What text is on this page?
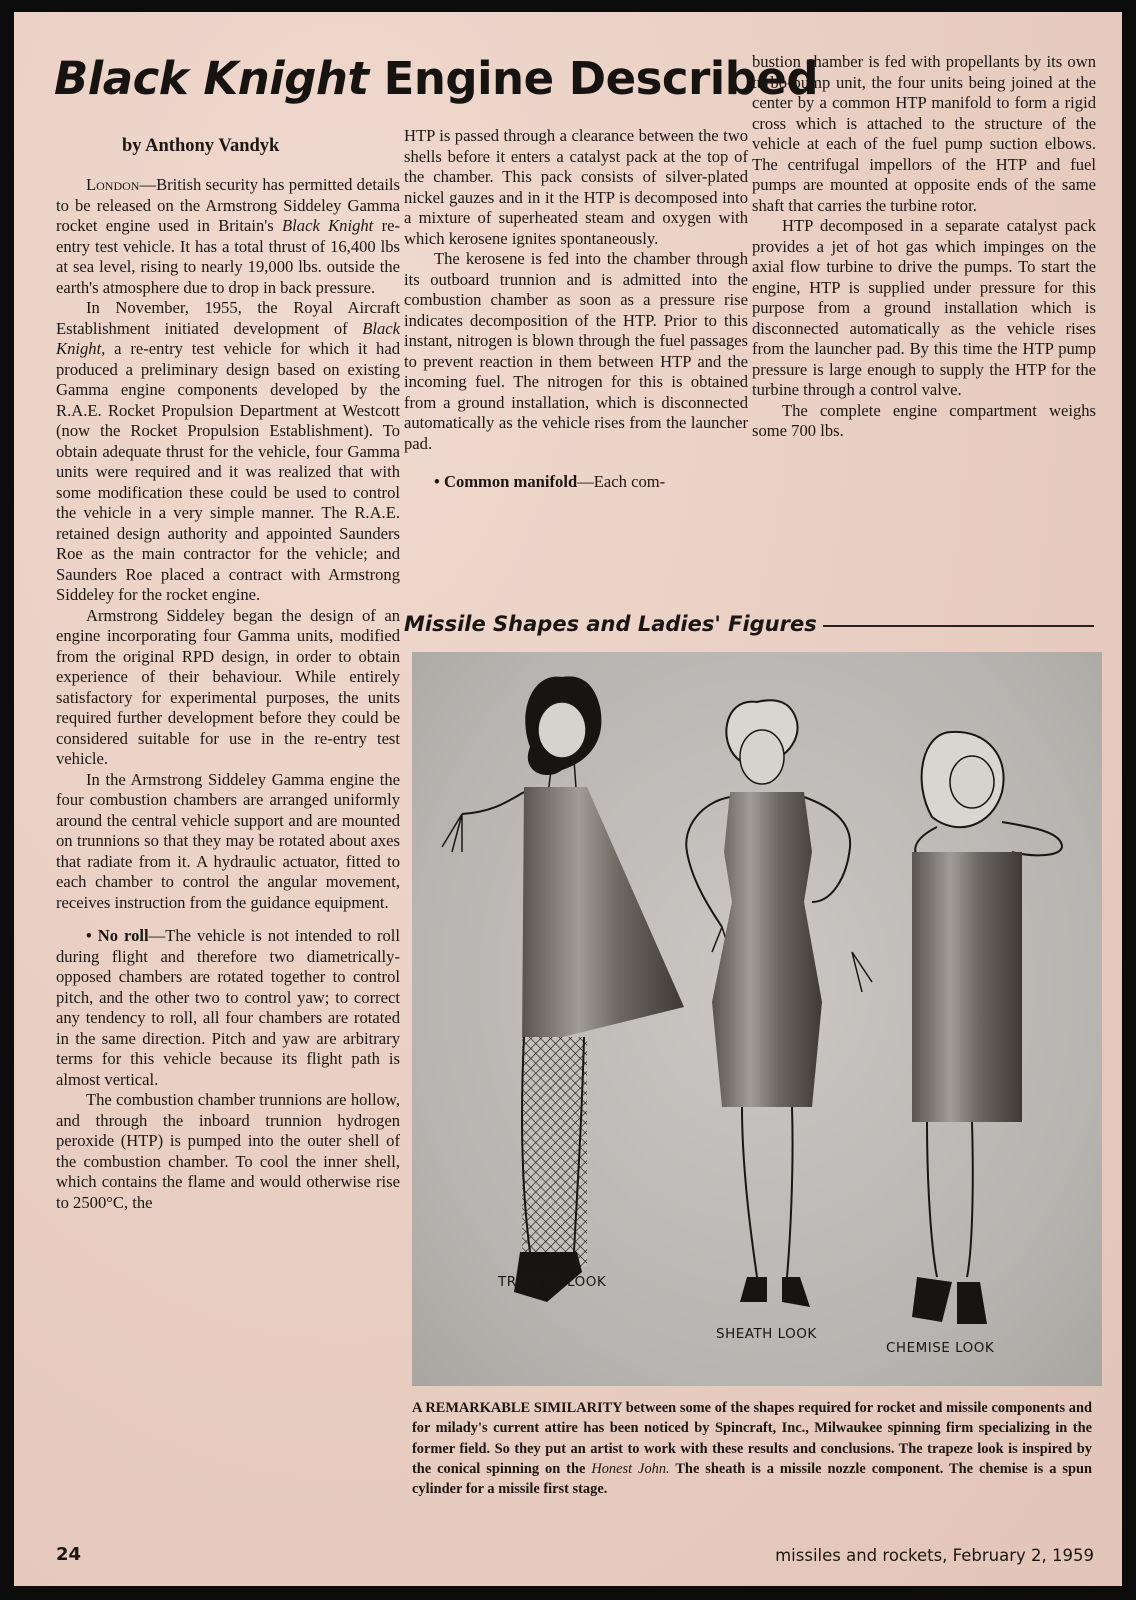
Black Knight Engine Described
by Anthony Vandyk

London—British security has permitted details to be released on the Armstrong Siddeley Gamma rocket engine used in Britain's Black Knight re-entry test vehicle. It has a total thrust of 16,400 lbs at sea level, rising to nearly 19,000 lbs. outside the earth's atmosphere due to drop in back pressure.

In November, 1955, the Royal Aircraft Establishment initiated development of Black Knight, a re-entry test vehicle for which it had produced a preliminary design based on existing Gamma engine components developed by the R.A.E. Rocket Propulsion Department at Westcott (now the Rocket Propulsion Establishment). To obtain adequate thrust for the vehicle, four Gamma units were required and it was realized that with some modification these could be used to control the vehicle in a very simple manner. The R.A.E. retained design authority and appointed Saunders Roe as the main contractor for the vehicle; and Saunders Roe placed a contract with Armstrong Siddeley for the rocket engine.

Armstrong Siddeley began the design of an engine incorporating four Gamma units, modified from the original RPD design, in order to obtain experience of their behaviour. While entirely satisfactory for experimental purposes, the units required further development before they could be considered suitable for use in the re-entry test vehicle.

In the Armstrong Siddeley Gamma engine the four combustion chambers are arranged uniformly around the central vehicle support and are mounted on trunnions so that they may be rotated about axes that radiate from it. A hydraulic actuator, fitted to each chamber to control the angular movement, receives instruction from the guidance equipment.

• No roll—The vehicle is not intended to roll during flight and therefore two diametrically-opposed chambers are rotated together to control pitch, and the other two to control yaw; to correct any tendency to roll, all four chambers are rotated in the same direction. Pitch and yaw are arbitrary terms for this vehicle because its flight path is almost vertical.

The combustion chamber trunnions are hollow, and through the inboard trunnion hydrogen peroxide (HTP) is pumped into the outer shell of the combustion chamber. To cool the inner shell, which contains the flame and would otherwise rise to 2500°C, the

HTP is passed through a clearance between the two shells before it enters a catalyst pack at the top of the chamber. This pack consists of silver-plated nickel gauzes and in it the HTP is decomposed into a mixture of superheated steam and oxygen with which kerosene ignites spontaneously.

The kerosene is fed into the chamber through its outboard trunnion and is admitted into the combustion chamber as soon as a pressure rise indicates decomposition of the HTP. Prior to this instant, nitrogen is blown through the fuel passages to prevent reaction in them between HTP and the incoming fuel. The nitrogen for this is obtained from a ground installation, which is disconnected automatically as the vehicle rises from the launcher pad.

• Common manifold—Each com-

bustion chamber is fed with propellants by its own turbo-pump unit, the four units being joined at the center by a common HTP manifold to form a rigid cross which is attached to the structure of the vehicle at each of the fuel pump suction elbows. The centrifugal impellors of the HTP and fuel pumps are mounted at opposite ends of the same shaft that carries the turbine rotor.

HTP decomposed in a separate catalyst pack provides a jet of hot gas which impinges on the axial flow turbine to drive the pumps. To start the engine, HTP is supplied under pressure for this purpose from a ground installation which is disconnected automatically as the vehicle rises from the launcher pad. By this time the HTP pump pressure is large enough to supply the HTP for the turbine through a control valve.

The complete engine compartment weighs some 700 lbs.

Missile Shapes and Ladies' Figures
TRAPEZE LOOK
SHEATH LOOK
CHEMISE LOOK
A REMARKABLE SIMILARITY between some of the shapes required for rocket and missile components and for milady's current attire has been noticed by Spincraft, Inc., Milwaukee spinning firm specializing in the former field. So they put an artist to work with these results and conclusions. The trapeze look is inspired by the conical spinning on the Honest John. The sheath is a missile nozzle component. The chemise is a spun cylinder for a missile first stage.
24	missiles and rockets, February 2, 1959
